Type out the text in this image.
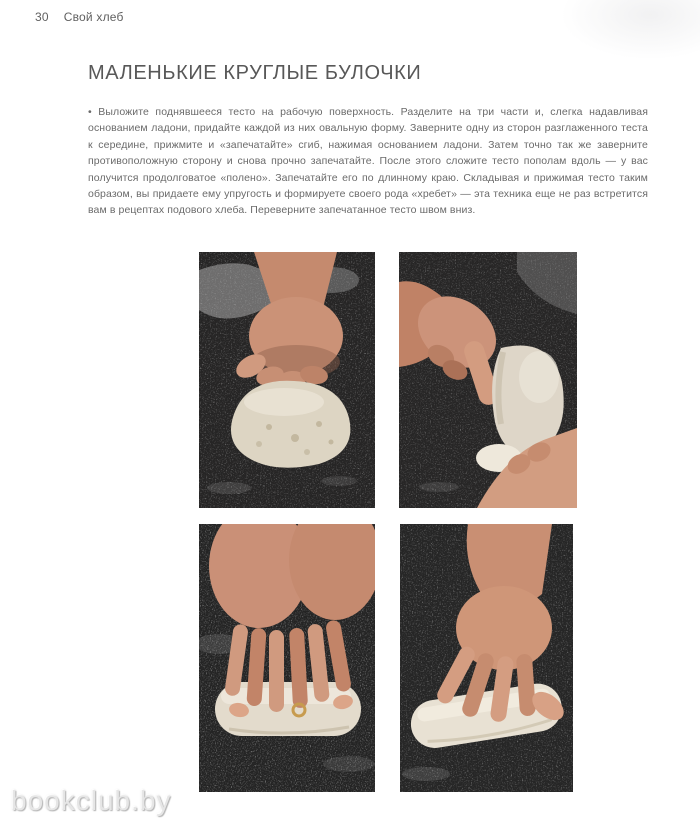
30 Свой хлеб
МАЛЕНЬКИЕ КРУГЛЫЕ БУЛОЧКИ

• Выложите поднявшееся тесто на рабочую поверхность. Разделите на три части и, слегка надавливая основанием ладони, придайте каждой из них овальную форму. Заверните одну из сторон разглаженного теста к середине, прижмите и «запечатайте» сгиб, нажимая основанием ладони. Затем точно так же заверните противоположную сторону и снова прочно запечатайте. После этого сложите тесто пополам вдоль — у вас получится продолговатое «полено». Запечатайте его по длинному краю. Складывая и прижимая тесто таким образом, вы придаете ему упругость и формируете своего рода «хребет» — эта техника еще не раз встретится вам в рецептах подового хлеба. Переверните запечатанное тесто швом вниз.

bookclub.by
